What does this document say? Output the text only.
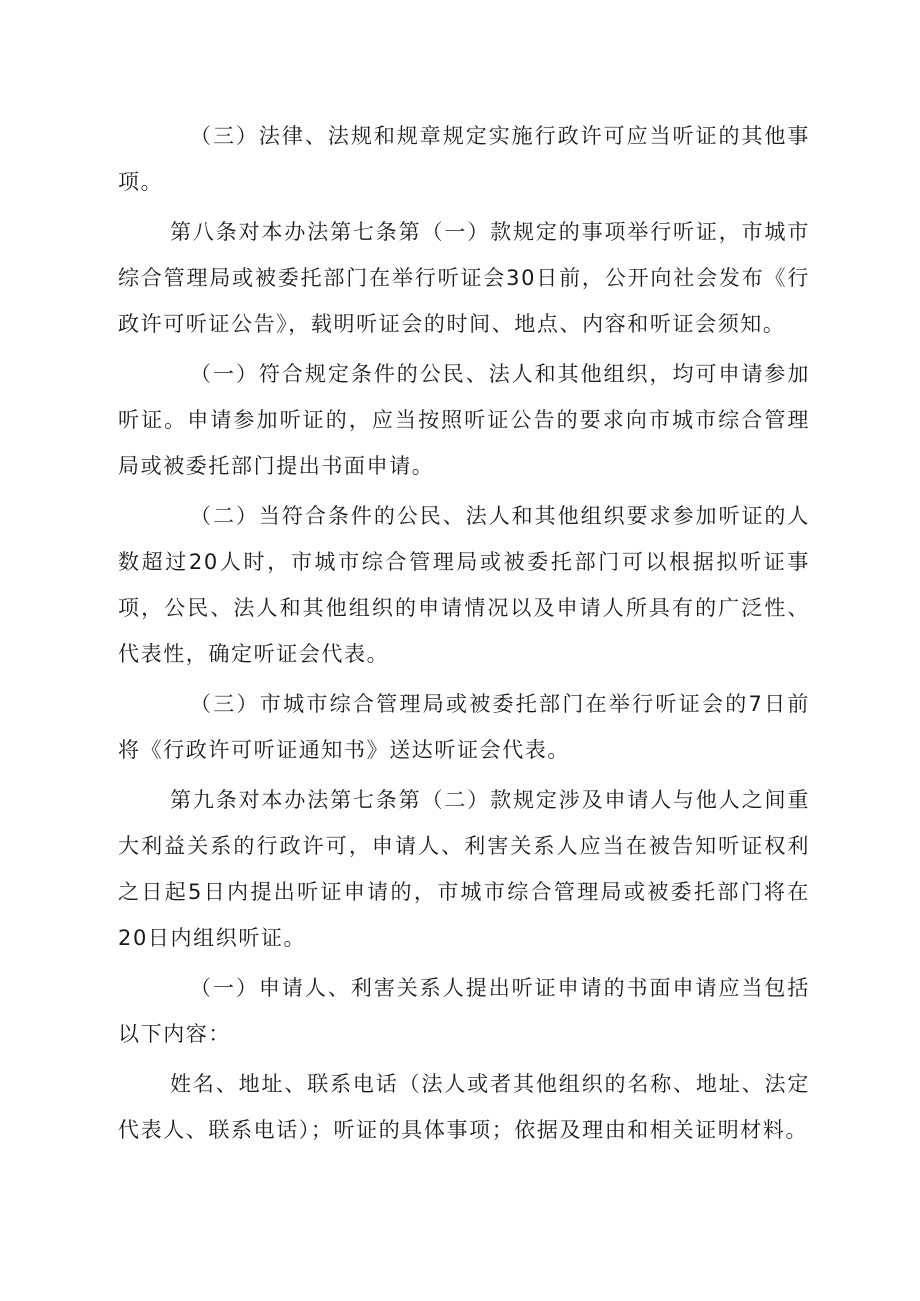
（三）法律、法规和规章规定实施行政许可应当听证的其他事项。

第八条对本办法第七条第（一）款规定的事项举行听证，市城市综合管理局或被委托部门在举行听证会30日前，公开向社会发布《行政许可听证公告》，载明听证会的时间、地点、内容和听证会须知。

（一）符合规定条件的公民、法人和其他组织，均可申请参加听证。申请参加听证的，应当按照听证公告的要求向市城市综合管理局或被委托部门提出书面申请。

（二）当符合条件的公民、法人和其他组织要求参加听证的人数超过20人时，市城市综合管理局或被委托部门可以根据拟听证事项，公民、法人和其他组织的申请情况以及申请人所具有的广泛性、代表性，确定听证会代表。

（三）市城市综合管理局或被委托部门在举行听证会的7日前将《行政许可听证通知书》送达听证会代表。

第九条对本办法第七条第（二）款规定涉及申请人与他人之间重大利益关系的行政许可，申请人、利害关系人应当在被告知听证权利之日起5日内提出听证申请的，市城市综合管理局或被委托部门将在20日内组织听证。

（一）申请人、利害关系人提出听证申请的书面申请应当包括以下内容：

姓名、地址、联系电话（法人或者其他组织的名称、地址、法定代表人、联系电话）；听证的具体事项；依据及理由和相关证明材料。
